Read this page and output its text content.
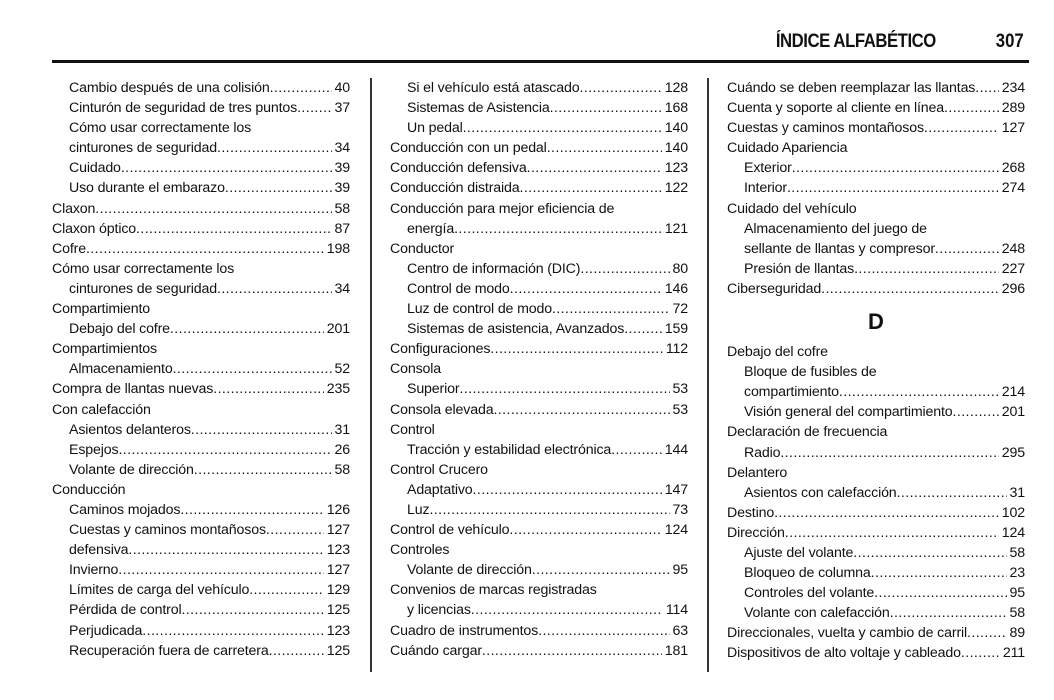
ÍNDICE ALFABÉTICO	307
Cambio después de una colisión .....	40
Cinturón de seguridad de tres puntos .....	37
Cómo usar correctamente los
cinturones de seguridad .....	34
Cuidado .....	39
Uso durante el embarazo .....	39
Claxon .....	58
Claxon óptico .....	87
Cofre .....	198
Cómo usar correctamente los
cinturones de seguridad .....	34
Compartimiento
Debajo del cofre .....	201
Compartimientos
Almacenamiento .....	52
Compra de llantas nuevas .....	235
Con calefacción
Asientos delanteros .....	31
Espejos .....	26
Volante de dirección .....	58
Conducción
Caminos mojados .....	126
Cuestas y caminos montañosos .....	127
defensiva .....	123
Invierno .....	127
Límites de carga del vehículo .....	129
Pérdida de control .....	125
Perjudicada .....	123
Recuperación fuera de carretera .....	125
Si el vehículo está atascado .....	128
Sistemas de Asistencia .....	168
Un pedal .....	140
Conducción con un pedal .....	140
Conducción defensiva .....	123
Conducción distraida .....	122
Conducción para mejor eficiencia de
energía .....	121
Conductor
Centro de información (DIC) .....	80
Control de modo .....	146
Luz de control de modo .....	72
Sistemas de asistencia, Avanzados .....	159
Configuraciones .....	112
Consola
Superior .....	53
Consola elevada .....	53
Control
Tracción y estabilidad electrónica .....	144
Control Crucero
Adaptativo .....	147
Luz .....	73
Control de vehículo .....	124
Controles
Volante de dirección .....	95
Convenios de marcas registradas
y licencias .....	114
Cuadro de instrumentos .....	63
Cuándo cargar .....	181
Cuándo se deben reemplazar las llantas ..... 234
Cuenta y soporte al cliente en línea .....	289
Cuestas y caminos montañosos .....	127
Cuidado Apariencia
Exterior .....	268
Interior .....	274
Cuidado del vehículo
Almacenamiento del juego de
sellante de llantas y compresor .....	248
Presión de llantas .....	227
Ciberseguridad .....	296
D
Debajo del cofre
Bloque de fusibles de
compartimiento .....	214
Visión general del compartimiento .....	201
Declaración de frecuencia
Radio .....	295
Delantero
Asientos con calefacción .....	31
Destino .....	102
Dirección .....	124
Ajuste del volante .....	58
Bloqueo de columna .....	23
Controles del volante .....	95
Volante con calefacción .....	58
Direccionales, vuelta y cambio de carril .....	89
Dispositivos de alto voltaje y cableado .....	211
